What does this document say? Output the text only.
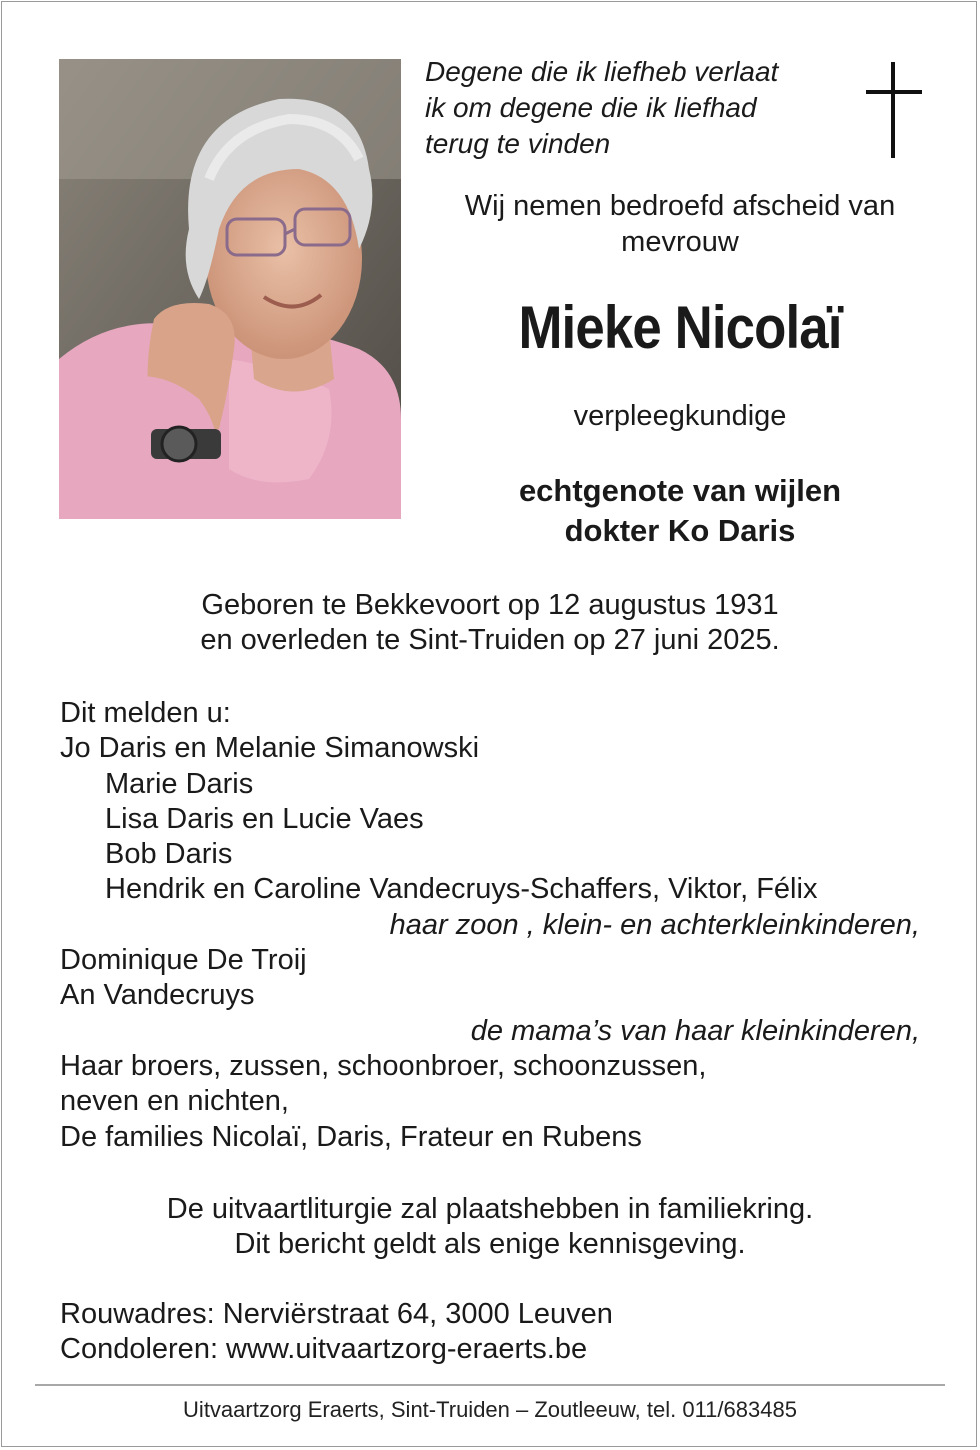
Degene die ik liefheb verlaat

ik om degene die ik liefhad

terug te vinden

Wij nemen bedroefd afscheid van

mevrouw

Mieke Nicolaï
verpleegkundige

echtgenote van wijlen

dokter Ko Daris

Geboren te Bekkevoort op 12 augustus 1931

en overleden te Sint-Truiden op 27 juni 2025.

Dit melden u:

Jo Daris en Melanie Simanowski

Marie Daris

Lisa Daris en Lucie Vaes

Bob Daris

Hendrik en Caroline Vandecruys-Schaffers, Viktor, Félix

haar zoon , klein- en achterkleinkinderen,

Dominique De Troij

An Vandecruys

de mama’s van haar kleinkinderen,

Haar broers, zussen, schoonbroer, schoonzussen,

neven en nichten,

De families Nicolaï, Daris, Frateur en Rubens

De uitvaartliturgie zal plaatshebben in familiekring.

Dit bericht geldt als enige kennisgeving.

Rouwadres: Nerviërstraat 64, 3000 Leuven

Condoleren: www.uitvaartzorg-eraerts.be

Uitvaartzorg Eraerts, Sint-Truiden – Zoutleeuw, tel. 011/683485
